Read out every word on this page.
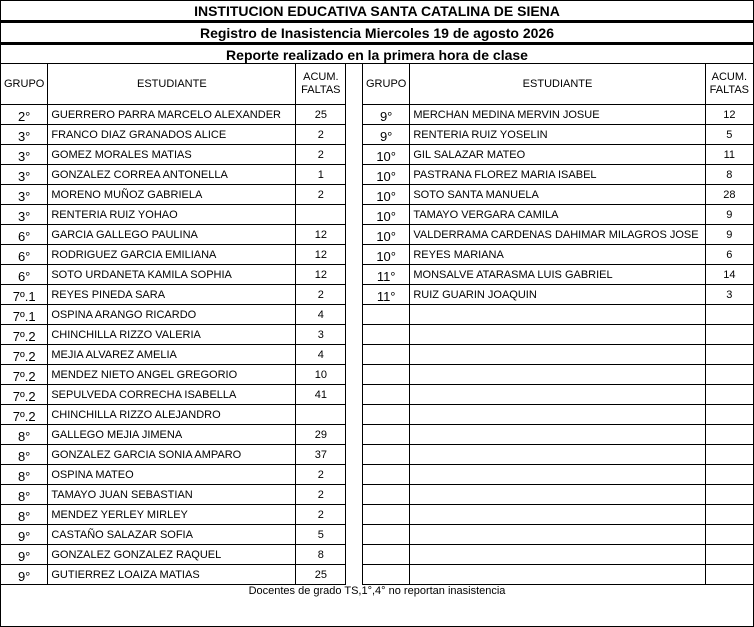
INSTITUCION EDUCATIVA SANTA CATALINA DE SIENA
Registro de Inasistencia Miercoles 19 de agosto 2026
Reporte realizado en la primera hora de clase
GRUPO	ESTUDIANTE	ACUM.
FALTAS
2°	GUERRERO PARRA MARCELO ALEXANDER	25
3°	FRANCO DIAZ GRANADOS ALICE	2
3°	GOMEZ MORALES MATIAS	2
3°	GONZALEZ CORREA ANTONELLA	1
3°	MORENO MUÑOZ GABRIELA	2
3°	RENTERIA RUIZ YOHAO	
6°	GARCIA GALLEGO PAULINA	12
6°	RODRIGUEZ GARCIA EMILIANA	12
6°	SOTO URDANETA KAMILA SOPHIA	12
7º.1	REYES PINEDA SARA	2
7º.1	OSPINA ARANGO RICARDO	4
7º.2	CHINCHILLA RIZZO VALERIA	3
7º.2	MEJIA ALVAREZ AMELIA	4
7º.2	MENDEZ NIETO ANGEL GREGORIO	10
7º.2	SEPULVEDA CORRECHA ISABELLA	41
7º.2	CHINCHILLA RIZZO ALEJANDRO	
8°	GALLEGO MEJIA JIMENA	29
8°	GONZALEZ GARCIA SONIA AMPARO	37
8°	OSPINA MATEO	2
8°	TAMAYO JUAN SEBASTIAN	2
8°	MENDEZ YERLEY MIRLEY	2
9°	CASTAÑO SALAZAR SOFIA	5
9°	GONZALEZ GONZALEZ RAQUEL	8
9°	GUTIERREZ LOAIZA MATIAS	25
GRUPO	ESTUDIANTE	ACUM.
FALTAS
9°	MERCHAN MEDINA MERVIN JOSUE	12
9°	RENTERIA RUIZ YOSELIN	5
10°	GIL SALAZAR MATEO	11
10°	PASTRANA FLOREZ MARIA ISABEL	8
10°	SOTO SANTA MANUELA	28
10°	TAMAYO VERGARA CAMILA	9
10°	VALDERRAMA CARDENAS DAHIMAR MILAGROS JOSE	9
10°	REYES MARIANA	6
11°	MONSALVE ATARASMA LUIS GABRIEL	14
11°	RUIZ GUARIN JOAQUIN	3

Docentes de grado TS,1°,4° no reportan inasistencia
